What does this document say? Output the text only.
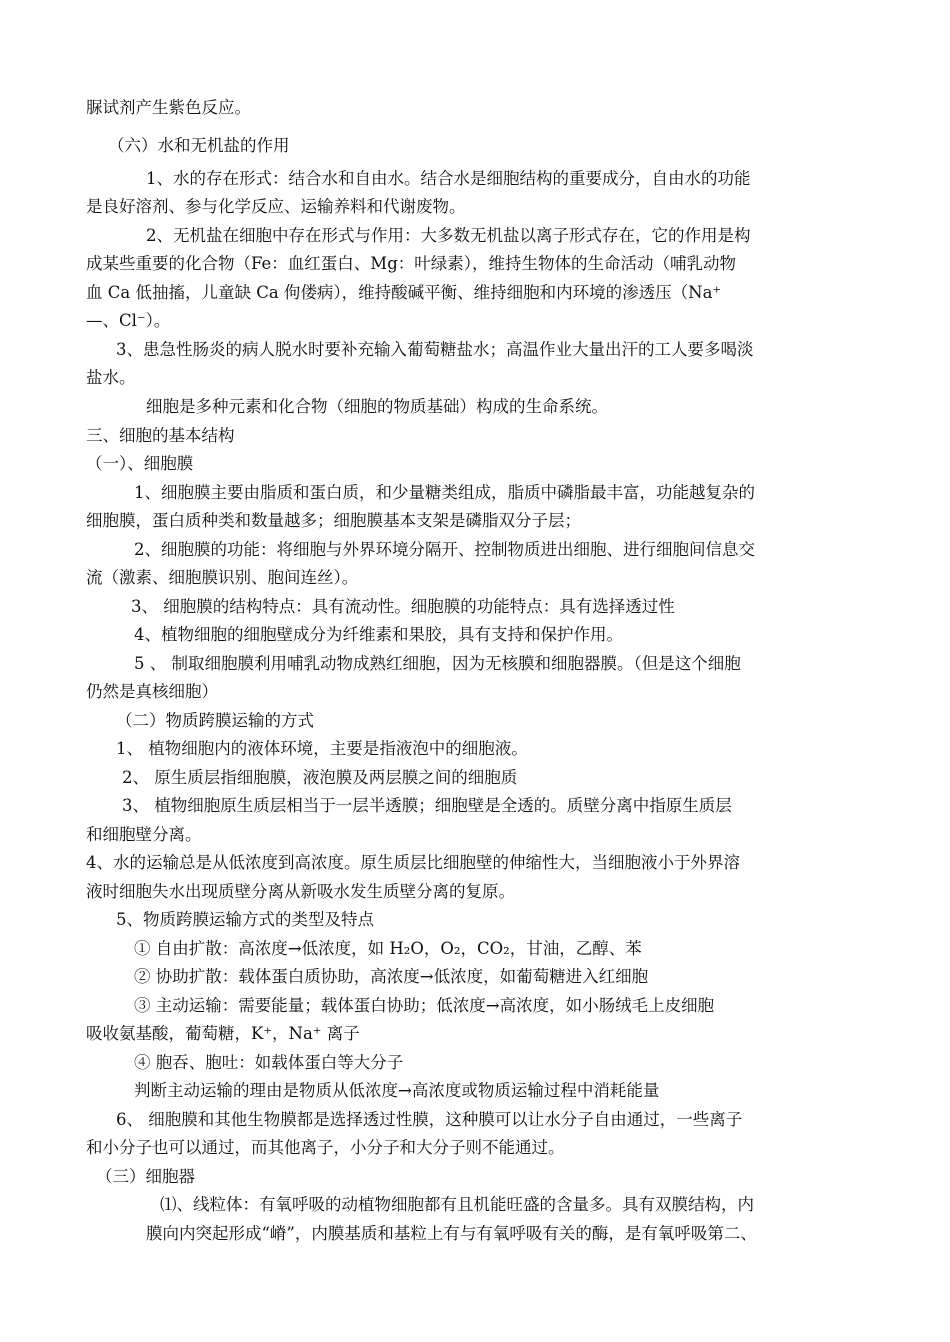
脲试剂产生紫色反应。
（六）水和无机盐的作用
1、水的存在形式：结合水和自由水。结合水是细胞结构的重要成分，自由水的功能
是良好溶剂、参与化学反应、运输养料和代谢废物。
2、无机盐在细胞中存在形式与作用：大多数无机盐以离子形式存在，它的作用是构
成某些重要的化合物（Fe：血红蛋白、Mg：叶绿素），维持生物体的生命活动（哺乳动物
血 Ca 低抽搐，儿童缺 Ca 佝偻病），维持酸碱平衡、维持细胞和内环境的渗透压（Na⁺
—、Cl⁻）。
3、患急性肠炎的病人脱水时要补充输入葡萄糖盐水；高温作业大量出汗的工人要多喝淡
盐水。
细胞是多种元素和化合物（细胞的物质基础）构成的生命系统。
三、细胞的基本结构
（一）、细胞膜
1、细胞膜主要由脂质和蛋白质，和少量糖类组成，脂质中磷脂最丰富，功能越复杂的
细胞膜，蛋白质种类和数量越多；细胞膜基本支架是磷脂双分子层；
2、细胞膜的功能：将细胞与外界环境分隔开、控制物质进出细胞、进行细胞间信息交
流（激素、细胞膜识别、胞间连丝）。
3、 细胞膜的结构特点：具有流动性。细胞膜的功能特点：具有选择透过性
4、植物细胞的细胞壁成分为纤维素和果胶，具有支持和保护作用。
5 、 制取细胞膜利用哺乳动物成熟红细胞，因为无核膜和细胞器膜。（但是这个细胞
仍然是真核细胞）
（二）物质跨膜运输的方式
1、 植物细胞内的液体环境，主要是指液泡中的细胞液。
2、 原生质层指细胞膜，液泡膜及两层膜之间的细胞质
3、 植物细胞原生质层相当于一层半透膜；细胞壁是全透的。质壁分离中指原生质层
和细胞壁分离。
4、水的运输总是从低浓度到高浓度。原生质层比细胞壁的伸缩性大，当细胞液小于外界溶
液时细胞失水出现质壁分离从新吸水发生质壁分离的复原。
5、物质跨膜运输方式的类型及特点
① 自由扩散：高浓度→低浓度，如 H₂O，O₂，CO₂，甘油，乙醇、苯
② 协助扩散：载体蛋白质协助，高浓度→低浓度，如葡萄糖进入红细胞
③ 主动运输：需要能量；载体蛋白协助；低浓度→高浓度，如小肠绒毛上皮细胞
吸收氨基酸，葡萄糖，K⁺，Na⁺ 离子
④ 胞吞、胞吐：如载体蛋白等大分子
判断主动运输的理由是物质从低浓度→高浓度或物质运输过程中消耗能量
6、 细胞膜和其他生物膜都是选择透过性膜，这种膜可以让水分子自由通过，一些离子
和小分子也可以通过，而其他离子，小分子和大分子则不能通过。
（三）细胞器
⑴、线粒体：有氧呼吸的动植物细胞都有且机能旺盛的含量多。具有双膜结构，内
膜向内突起形成“嵴”，内膜基质和基粒上有与有氧呼吸有关的酶，是有氧呼吸第二、
